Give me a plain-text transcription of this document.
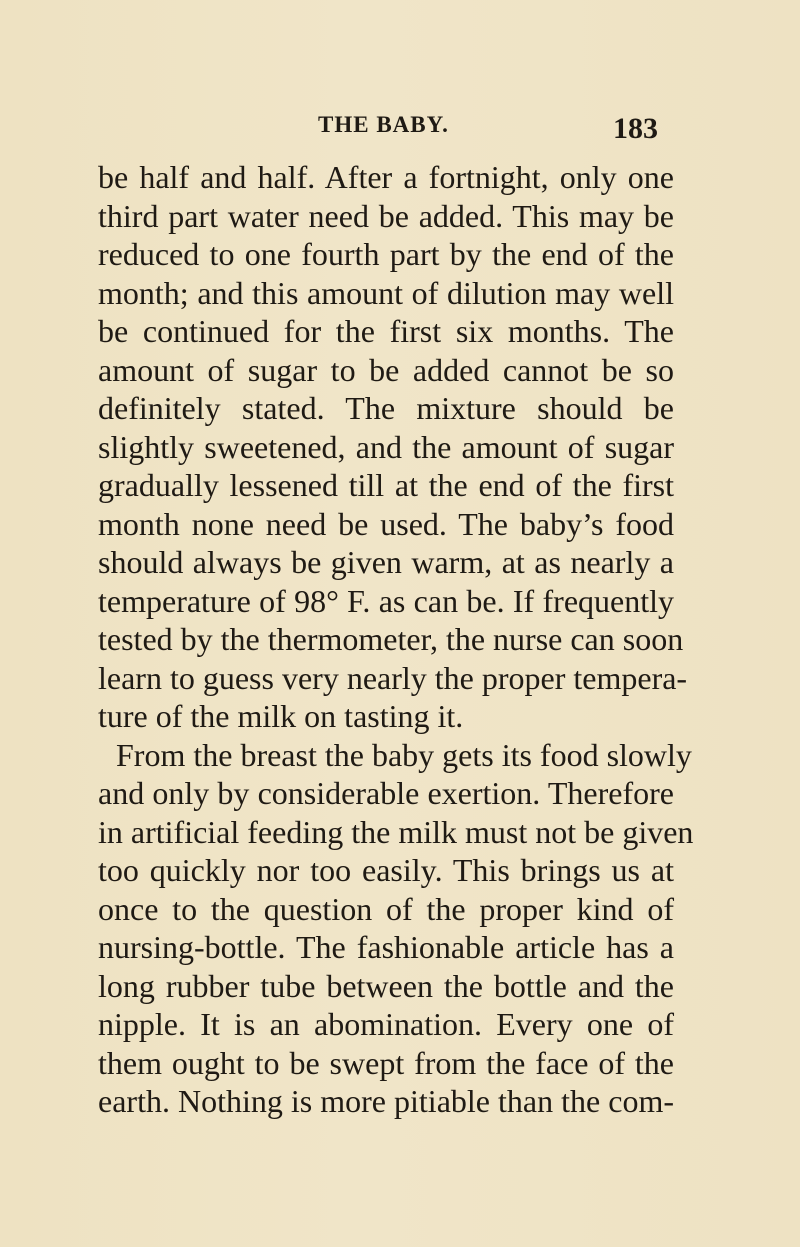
THE BABY.	183
be half and half. After a fortnight, only one
third part water need be added. This may be
reduced to one fourth part by the end of the
month; and this amount of dilution may well
be continued for the first six months. The
amount of sugar to be added cannot be so
definitely stated. The mixture should be
slightly sweetened, and the amount of sugar
gradually lessened till at the end of the first
month none need be used. The baby’s food
should always be given warm, at as nearly a
temperature of 98° F. as can be. If frequently
tested by the thermometer, the nurse can soon
learn to guess very nearly the proper tempera-
ture of the milk on tasting it.
From the breast the baby gets its food slowly
and only by considerable exertion. Therefore
in artificial feeding the milk must not be given
too quickly nor too easily. This brings us at
once to the question of the proper kind of
nursing-bottle. The fashionable article has a
long rubber tube between the bottle and the
nipple. It is an abomination. Every one of
them ought to be swept from the face of the
earth. Nothing is more pitiable than the com-
